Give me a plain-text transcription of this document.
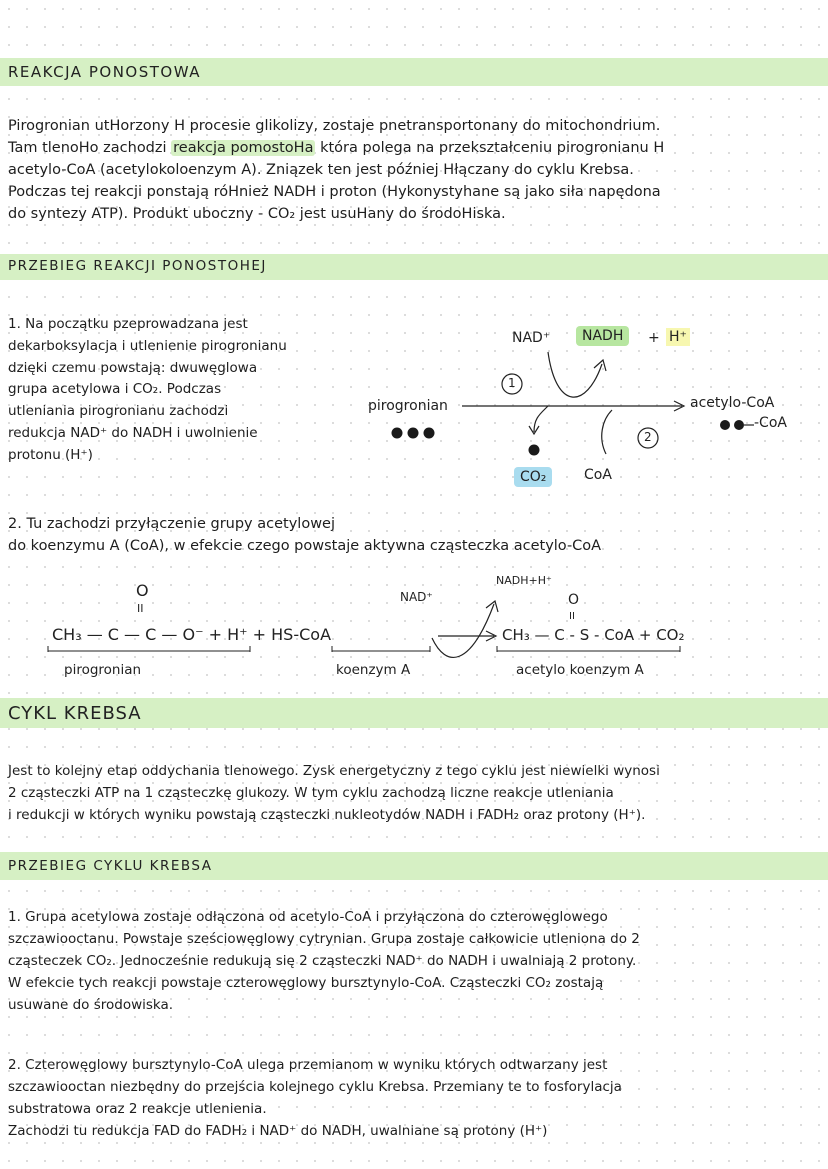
REAKCJA PONOSTOWA
Pirogronian utHorzony H procesie glikolizy, zostaje pnetransportonany do mitochondrium.
Tam tlenoHo zachodzi reakcja pomostoHa która polega na przekształceniu pirogronianu H
acetylo-CoA (acetylokoloenzym A). Zniązek ten jest później Hłączany do cyklu Krebsa.
Podczas tej reakcji ponstają róHnież NADH i proton (Hykonystyhane są jako siła napędona
do syntezy ATP). Produkt uboczny - CO₂ jest usuHany do środoHiska.
PRZEBIEG REAKCJI PONOSTOHEJ
1. Na początku pzeprowadzana jest
dekarboksylacja i utlenienie pirogronianu
dzięki czemu powstają: dwuwęglowa
grupa acetylowa i CO₂. Podczas
utleniania pirogronianu zachodzi
redukcja NAD⁺ do NADH i uwolnienie
protonu (H⁺)
NAD⁺	NADH	+ H⁺
1
2
pirogronian	acetylo-CoA
-CoA
CO₂	CoA
2. Tu zachodzi przyłączenie grupy acetylowej
do koenzymu A (CoA), w efekcie czego powstaje aktywna cząsteczka acetylo-CoA
O
II
O
II
NAD⁺
NADH+H⁺
CH₃ — C — C — O⁻ + H⁺ + HS-CoA	CH₃ — C - S - CoA + CO₂
pirogronian	koenzym A	acetylo koenzym A
CYKL KREBSA
Jest to kolejny etap oddychania tlenowego. Zysk energetyczny z tego cyklu jest niewielki wynosi
2 cząsteczki ATP na 1 cząsteczkę glukozy. W tym cyklu zachodzą liczne reakcje utleniania
i redukcji w których wyniku powstają cząsteczki nukleotydów NADH i FADH₂ oraz protony (H⁺).
PRZEBIEG CYKLU KREBSA
1. Grupa acetylowa zostaje odłączona od acetylo-CoA i przyłączona do czterowęglowego
szczawiooctanu. Powstaje sześciowęglowy cytrynian. Grupa zostaje całkowicie utleniona do 2
cząsteczek CO₂. Jednocześnie redukują się 2 cząsteczki NAD⁺ do NADH i uwalniają 2 protony.
W efekcie tych reakcji powstaje czterowęglowy bursztynylo-CoA. Cząsteczki CO₂ zostają
usuwane do środowiska.
2. Czterowęglowy bursztynylo-CoA ulega przemianom w wyniku których odtwarzany jest
szczawiooctan niezbędny do przejścia kolejnego cyklu Krebsa. Przemiany te to fosforylacja
substratowa oraz 2 reakcje utlenienia.
Zachodzi tu redukcja FAD do FADH₂ i NAD⁺ do NADH, uwalniane są protony (H⁺)
